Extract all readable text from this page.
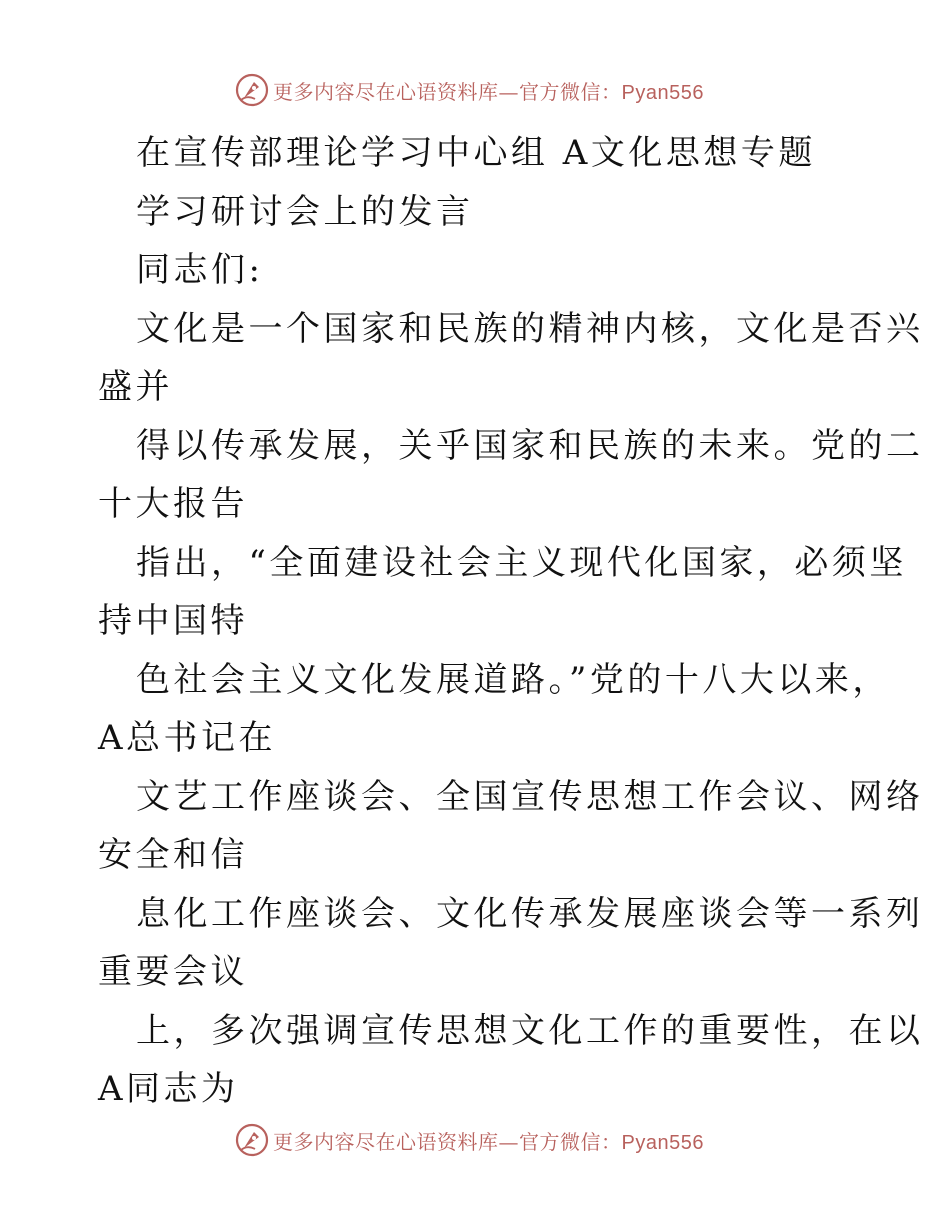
更多内容尽在心语资料库—官方微信：Pyan556

在宣传部理论学习中心组 A文化思想专题

学习研讨会上的发言

同志们:

文化是一个国家和民族的精神内核，文化是否兴

盛并

得以传承发展，关乎国家和民族的未来。党的二

十大报告

指出，“全面建设社会主义现代化国家，必须坚

持中国特

色社会主义文化发展道路。”党的十八大以来，

A总书记在

文艺工作座谈会、全国宣传思想工作会议、网络

安全和信

息化工作座谈会、文化传承发展座谈会等一系列

重要会议

上，多次强调宣传思想文化工作的重要性，在以

A同志为

更多内容尽在心语资料库—官方微信：Pyan556
